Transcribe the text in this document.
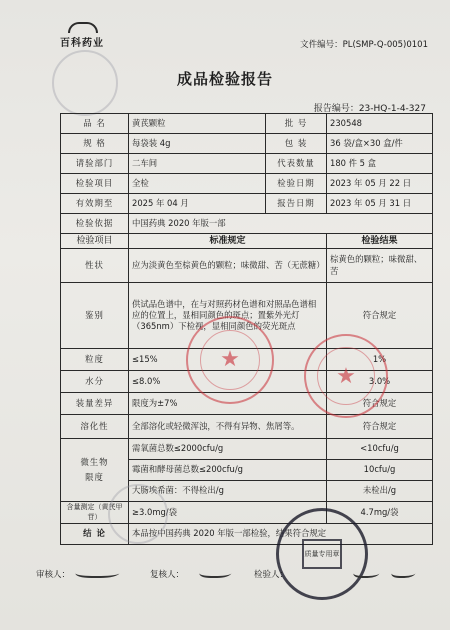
百科药业	文件编号：PL(SMP-Q-005)0101
成品检验报告
报告编号：23-HQ-1-4-327
品 名	黄芪颗粒	批 号	230548
规 格	每袋装 4g	包 装	36 袋/盒×30 盒/件
请验部门	二车间	代表数量	180 件 5 盒
检验项目	全检	检验日期	2023 年 05 月 22 日
有效期至	2025 年 04 月	报告日期	2023 年 05 月 31 日
检验依据	中国药典 2020 年版一部		
检验项目	标准规定		检验结果
性状	应为淡黄色至棕黄色的颗粒；味微甜、苦（无蔗糖）		棕黄色的颗粒；味微甜、苦
鉴别	供试品色谱中，在与对照药材色谱和对照品色谱相应的位置上，显相同颜色的斑点；置紫外光灯（365nm）下检视，显相同颜色的荧光斑点		符合规定
粒度	≤15%		1%
水分	≤8.0%		3.0%
装量差异	限度为±7%		符合规定
溶化性	全部溶化或轻微浑浊，不得有异物、焦屑等。		符合规定

微生物
限度	需氧菌总数≤2000cfu/g		<10cfu/g
	霉菌和酵母菌总数≤200cfu/g		10cfu/g
	大肠埃希菌：不得检出/g		未检出/g
含量测定（黄芪甲苷）	≥3.0mg/袋		4.7mg/袋
结 论	本品按中国药典 2020 年版一部检验，结果符合规定		
★
★
质量专用章
审核人：	复核人：	检验人：
